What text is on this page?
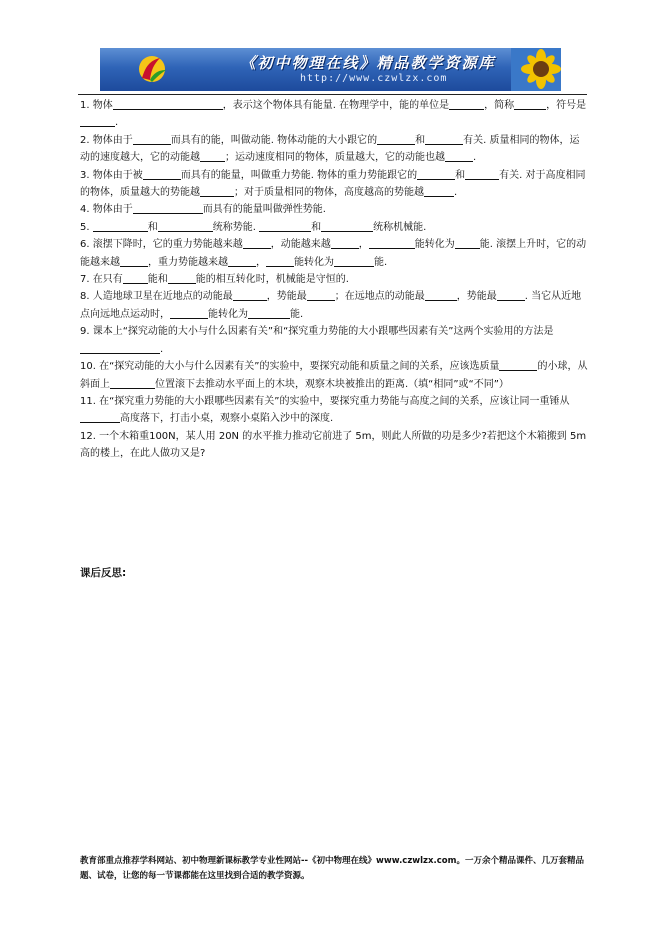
《初中物理在线》精品教学资源库
http://www.czwlzx.com

1. 物体	，表示这个物体具有能量. 在物理学中，能的单位是	，简称	，符号是.

2. 物体由于	而具有的能，叫做动能. 物体动能的大小跟它的	和	有关. 质量相同的物体，运动的速度越大，它的动能越	；运动速度相同的物体，质量越大，它的动能也越	.

3. 物体由于被	而具有的能量，叫做重力势能. 物体的重力势能跟它的	和	有关. 对于高度相同的物体，质量越大的势能越	；对于质量相同的物体，高度越高的势能越	.

4. 物体由于	而具有的能量叫做弹性势能.

5.	和	统称势能.	和	统称机械能.

6. 滚摆下降时，它的重力势能越来越	，动能越来越	，	能转化为	能. 滚摆上升时，它的动能越来越	，重力势能越来越	，	能转化为	能.

7. 在只有	能和	能的相互转化时，机械能是守恒的.

8. 人造地球卫星在近地点的动能最	，势能最	；在远地点的动能最	，势能最	. 当它从近地点向远地点运动时，	能转化为	能.

9. 课本上“探究动能的大小与什么因素有关”和“探究重力势能的大小跟哪些因素有关”这两个实验用的方法是.

10. 在“探究动能的大小与什么因素有关”的实验中，要探究动能和质量之间的关系，应该选质量	的小球，从斜面上	位置滚下去推动水平面上的木块，观察木块被推出的距离.（填“相同”或“不同”）

11. 在“探究重力势能的大小跟哪些因素有关”的实验中，要探究重力势能与高度之间的关系，应该让同一重锤从高度落下，打击小桌，观察小桌陷入沙中的深度.

12. 一个木箱重100N，某人用 20N 的水平推力推动它前进了 5m，则此人所做的功是多少?若把这个木箱搬到 5m 高的楼上，在此人做功又是?

课后反思:
教育部重点推荐学科网站、初中物理新课标教学专业性网站--《初中物理在线》www.czwlzx.com。一万余个精品课件、几万套精品题、试卷，让您的每一节课都能在这里找到合适的教学资源。
